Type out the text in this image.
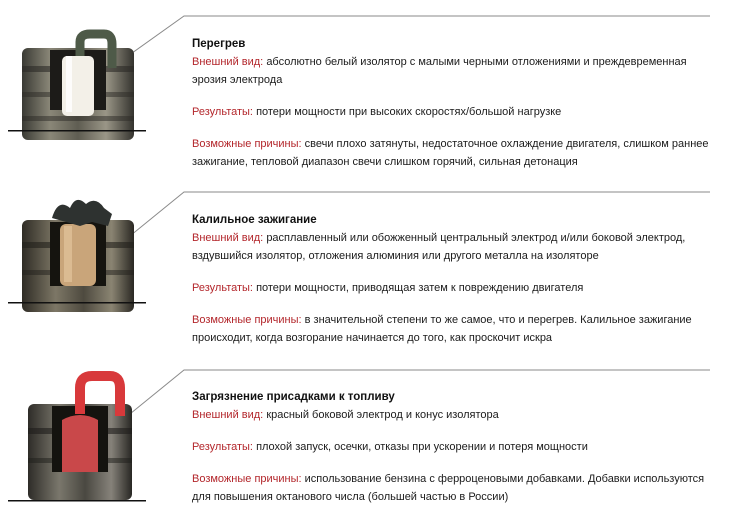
Перегрев

Внешний вид: абсолютно белый изолятор с малыми черными отложениями и преждевременная эрозия электрода

Результаты: потери мощности при высоких скоростях/большой нагрузке

Возможные причины: свечи плохо затянуты, недостаточное охлаждение двигателя, слишком раннее зажигание, тепловой диапазон свечи слишком горячий, сильная детонация

Калильное зажигание

Внешний вид: расплавленный или обожженный центральный электрод и/или боковой электрод, вздувшийся изолятор, отложения алюминия или другого металла на изоляторе

Результаты: потери мощности, приводящая затем к повреждению двигателя

Возможные причины: в значительной степени то же самое, что и перегрев. Калильное зажигание происходит, когда возгорание начинается до того, как проскочит искра

Загрязнение присадками к топливу

Внешний вид: красный боковой электрод и конус изолятора

Результаты: плохой запуск, осечки, отказы при ускорении и потеря мощности

Возможные причины: использование бензина с ферроценовыми добавками. Добавки используются для повышения октанового числа (большей частью в России)
